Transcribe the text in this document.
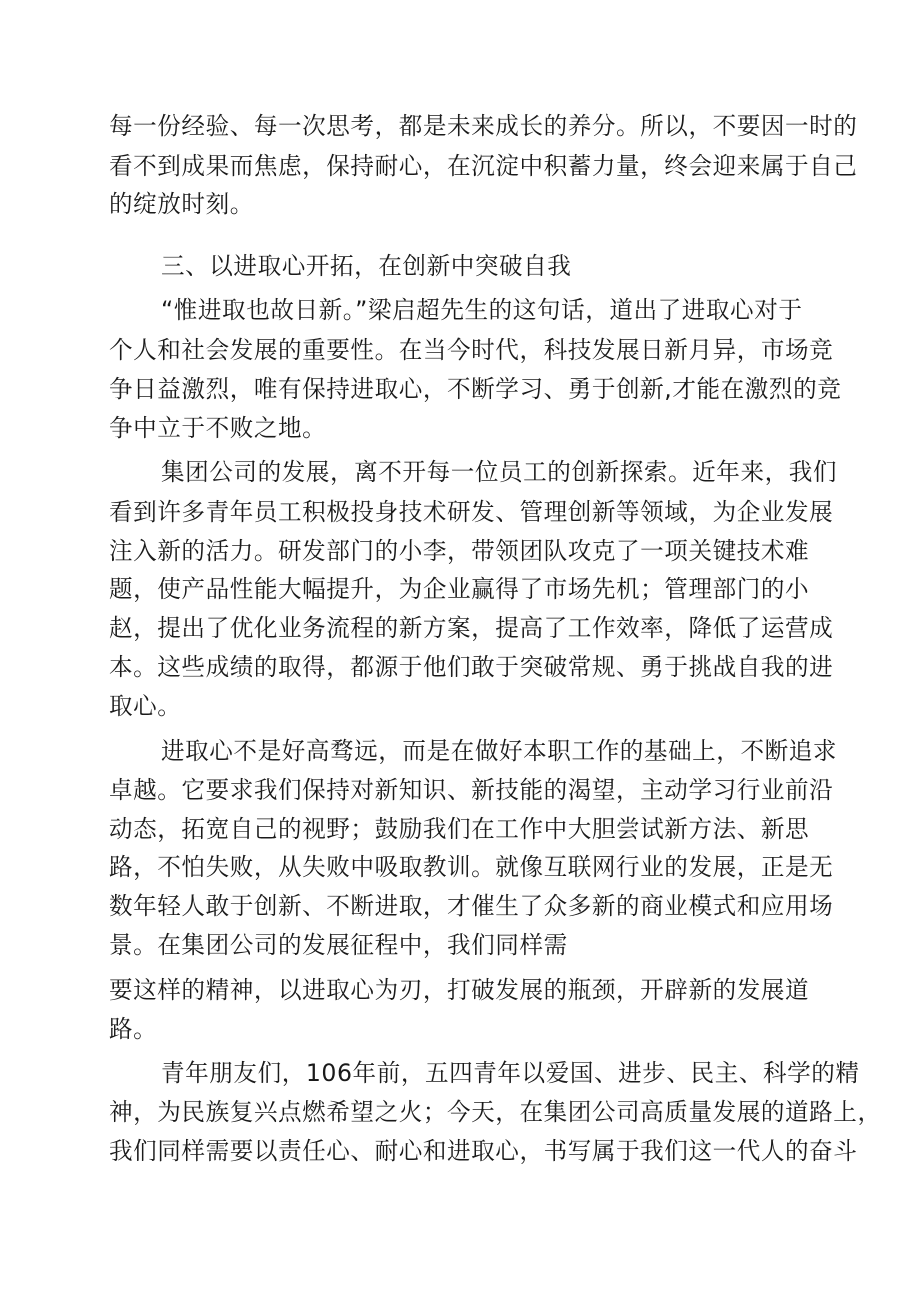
每一份经验、每一次思考，都是未来成长的养分。所以，不要因一时的
看不到成果而焦虑，保持耐心，在沉淀中积蓄力量，终会迎来属于自己
的绽放时刻。
三、以进取心开拓，在创新中突破自我
“惟进取也故日新。”梁启超先生的这句话，道出了进取心对于
个人和社会发展的重要性。在当今时代，科技发展日新月异，市场竞
争日益激烈，唯有保持进取心，不断学习、勇于创新,才能在激烈的竞
争中立于不败之地。
集团公司的发展，离不开每一位员工的创新探索。近年来，我们
看到许多青年员工积极投身技术研发、管理创新等领域，为企业发展
注入新的活力。研发部门的小李，带领团队攻克了一项关键技术难
题，使产品性能大幅提升，为企业赢得了市场先机；管理部门的小
赵，提出了优化业务流程的新方案，提高了工作效率，降低了运营成
本。这些成绩的取得，都源于他们敢于突破常规、勇于挑战自我的进
取心。
进取心不是好高骛远，而是在做好本职工作的基础上，不断追求
卓越。它要求我们保持对新知识、新技能的渴望，主动学习行业前沿
动态，拓宽自己的视野；鼓励我们在工作中大胆尝试新方法、新思
路，不怕失败，从失败中吸取教训。就像互联网行业的发展，正是无
数年轻人敢于创新、不断进取，才催生了众多新的商业模式和应用场
景。在集团公司的发展征程中，我们同样需
要这样的精神，以进取心为刃，打破发展的瓶颈，开辟新的发展道
路。
青年朋友们，106年前，五四青年以爱国、进步、民主、科学的精
神，为民族复兴点燃希望之火；今天，在集团公司高质量发展的道路上，
我们同样需要以责任心、耐心和进取心，书写属于我们这一代人的奋斗
